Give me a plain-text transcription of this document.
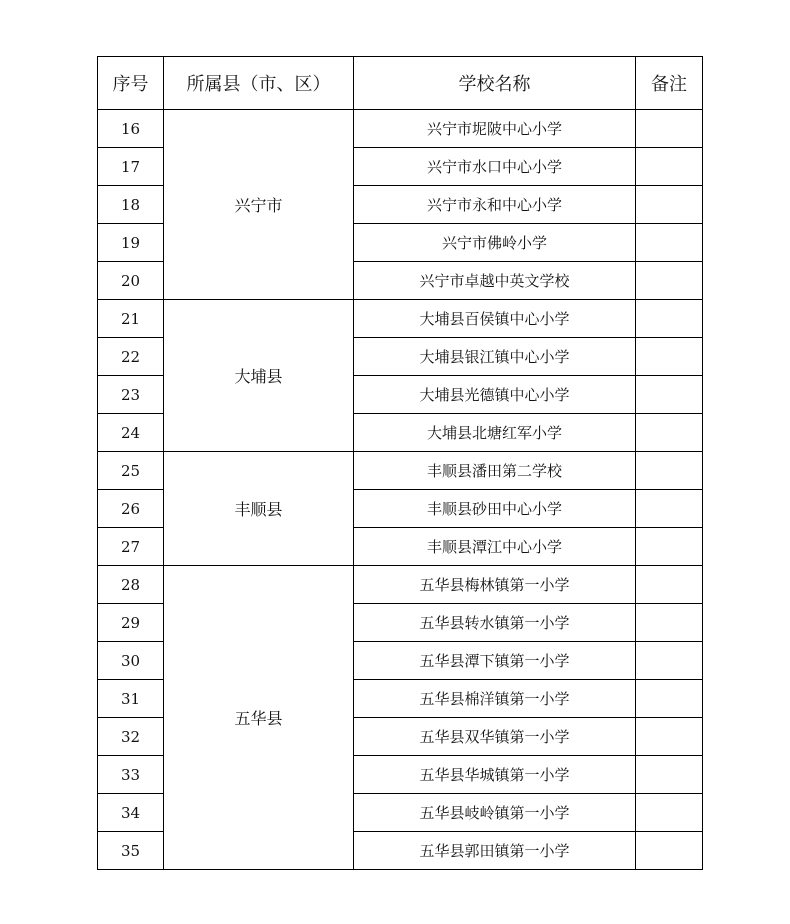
序号	所属县（市、区）	学校名称	备注
16	兴宁市	兴宁市坭陂中心小学	
17		兴宁市水口中心小学	
18		兴宁市永和中心小学	
19		兴宁市佛岭小学	
20		兴宁市卓越中英文学校	
21	大埔县	大埔县百侯镇中心小学	
22		大埔县银江镇中心小学	
23		大埔县光德镇中心小学	
24		大埔县北塘红军小学	
25	丰顺县	丰顺县潘田第二学校	
26		丰顺县砂田中心小学	
27		丰顺县潭江中心小学	
28	五华县	五华县梅林镇第一小学	
29		五华县转水镇第一小学	
30		五华县潭下镇第一小学	
31		五华县棉洋镇第一小学	
32		五华县双华镇第一小学	
33		五华县华城镇第一小学	
34		五华县岐岭镇第一小学	
35		五华县郭田镇第一小学	
